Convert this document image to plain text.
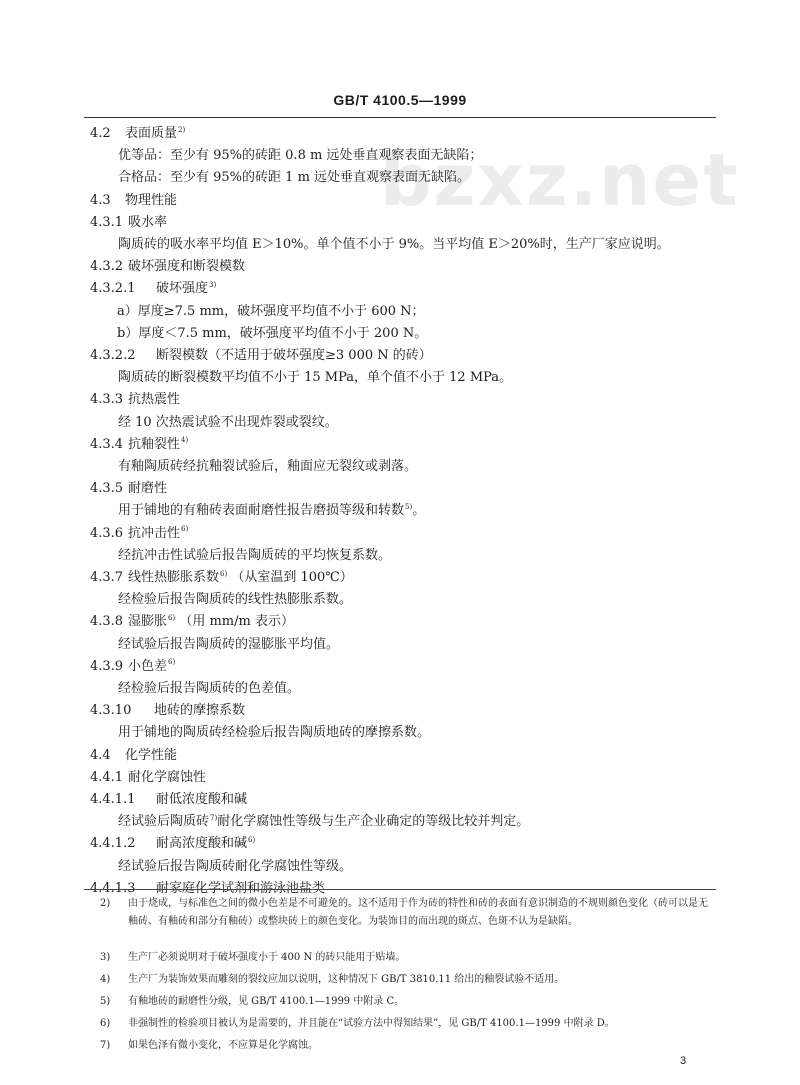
bzxz.net
GB/T 4100.5—1999
4.2 表面质量$^{2)}$
优等品：至少有 95%的砖距 0.8 m 远处垂直观察表面无缺陷；
合格品：至少有 95%的砖距 1 m 远处垂直观察表面无缺陷。
4.3 物理性能
4.3.1 吸水率
陶质砖的吸水率平均值 E＞10%。单个值不小于 9%。当平均值 E＞20%时，生产厂家应说明。
4.3.2 破坏强度和断裂模数
4.3.2.1 破坏强度$^{3)}$
a）厚度≥7.5 mm，破坏强度平均值不小于 600 N；
b）厚度＜7.5 mm，破坏强度平均值不小于 200 N。
4.3.2.2 断裂模数（不适用于破坏强度≥3 000 N 的砖）
陶质砖的断裂模数平均值不小于 15 MPa，单个值不小于 12 MPa。
4.3.3 抗热震性
经 10 次热震试验不出现炸裂或裂纹。
4.3.4 抗釉裂性$^{4)}$
有釉陶质砖经抗釉裂试验后，釉面应无裂纹或剥落。
4.3.5 耐磨性
用于铺地的有釉砖表面耐磨性报告磨损等级和转数$^{5)}$。
4.3.6 抗冲击性$^{6)}$
经抗冲击性试验后报告陶质砖的平均恢复系数。
4.3.7 线性热膨胀系数$^{6)}$ （从室温到 100℃）
经检验后报告陶质砖的线性热膨胀系数。
4.3.8 湿膨胀$^{6)}$ （用 mm/m 表示）
经试验后报告陶质砖的湿膨胀平均值。
4.3.9 小色差$^{6)}$
经检验后报告陶质砖的色差值。
4.3.10 地砖的摩擦系数
用于铺地的陶质砖经检验后报告陶质地砖的摩擦系数。
4.4 化学性能
4.4.1 耐化学腐蚀性
4.4.1.1 耐低浓度酸和碱
经试验后陶质砖$^{7)}$耐化学腐蚀性等级与生产企业确定的等级比较并判定。
4.4.1.2 耐高浓度酸和碱$^{6)}$
经试验后报告陶质砖耐化学腐蚀性等级。
4.4.1.3 耐家庭化学试剂和游泳池盐类
2) 由于烧成，与标准色之间的微小色差是不可避免的。这不适用于作为砖的特性和砖的表面有意识制造的不规则颜色变化（砖可以是无釉砖、有釉砖和部分有釉砖）或整块砖上的颜色变化。为装饰目的而出现的斑点、色斑不认为是缺陷。
3) 生产厂必须说明对于破坏强度小于 400 N 的砖只能用于贴墙。
4) 生产厂为装饰效果而雕刻的裂纹应加以说明，这种情况下 GB/T 3810.11 给出的釉裂试验不适用。
5) 有釉地砖的耐磨性分级，见 GB/T 4100.1—1999 中附录 C。
6) 非强制性的检验项目被认为是需要的，并且能在“试验方法中得知结果”，见 GB/T 4100.1—1999 中附录 D。
7) 如果色泽有微小变化，不应算是化学腐蚀。
3
